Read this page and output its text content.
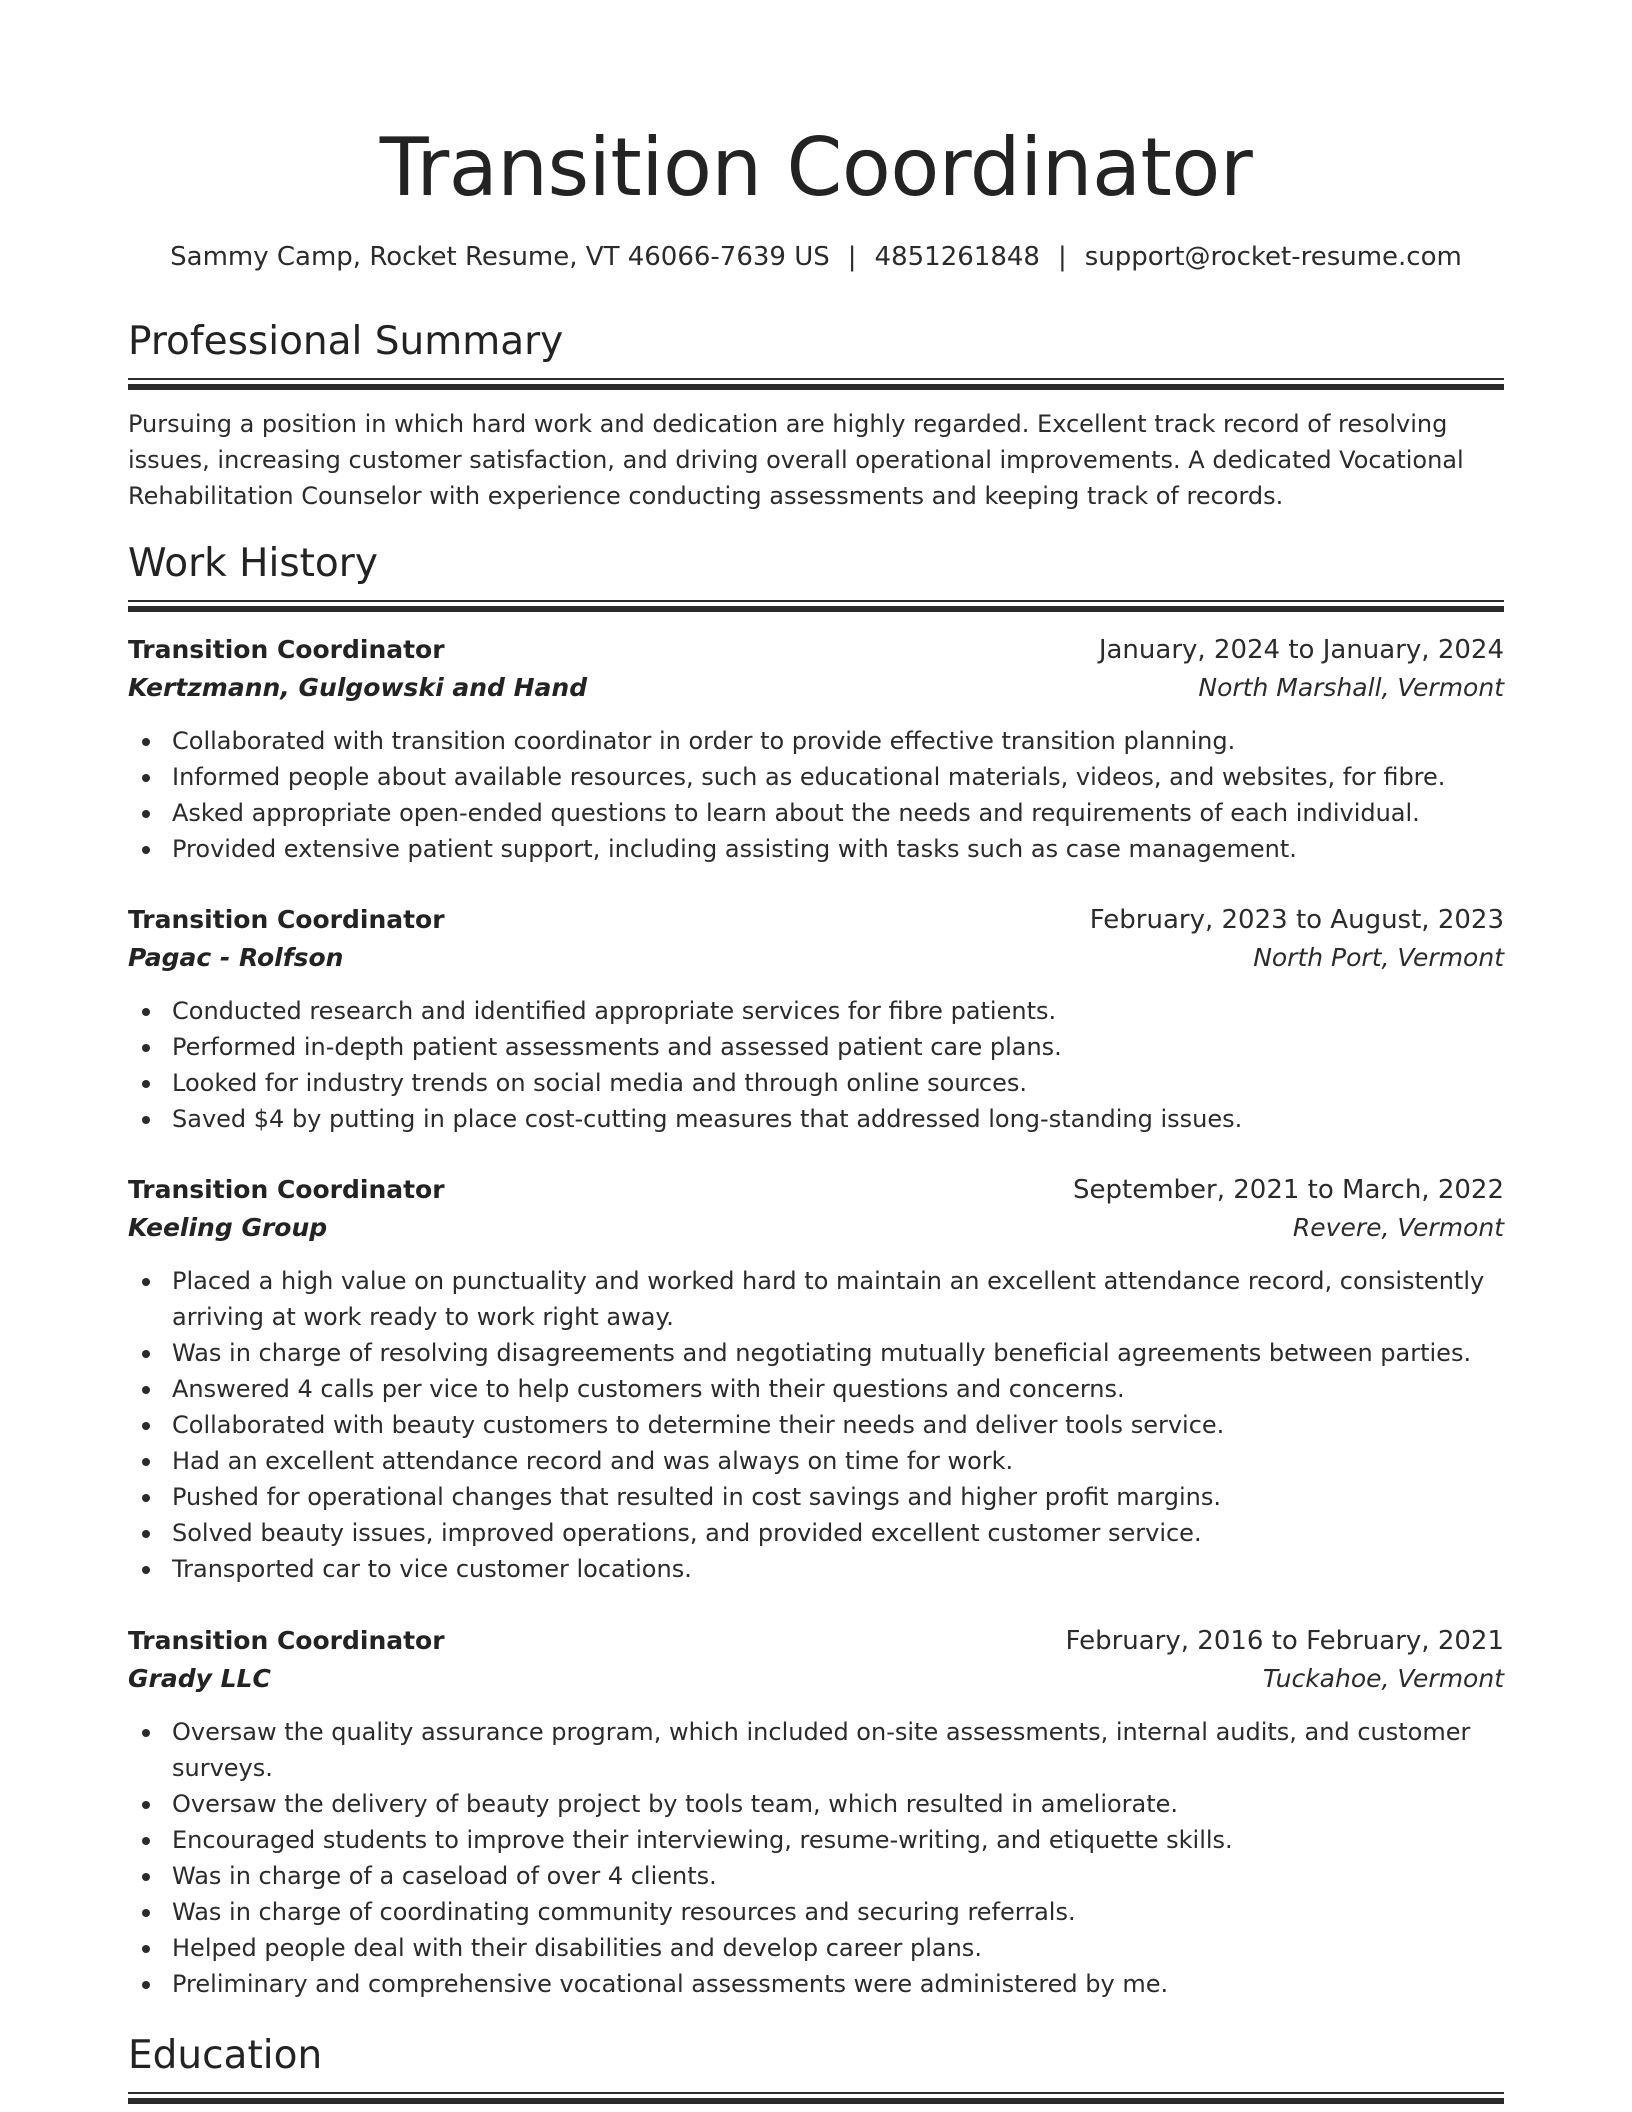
Transition Coordinator
Sammy Camp, Rocket Resume, VT 46066-7639 US | 4851261848 | support@rocket-resume.com
Professional Summary

Pursuing a position in which hard work and dedication are highly regarded. Excellent track record of resolving issues, increasing customer satisfaction, and driving overall operational improvements. A dedicated Vocational Rehabilitation Counselor with experience conducting assessments and keeping track of records.

Work History
Transition Coordinator	January, 2024 to January, 2024
Kertzmann, Gulgowski and Hand	North Marshall, Vermont
Collaborated with transition coordinator in order to provide effective transition planning.
Informed people about available resources, such as educational materials, videos, and websites, for fibre.
Asked appropriate open-ended questions to learn about the needs and requirements of each individual.
Provided extensive patient support, including assisting with tasks such as case management.
Transition Coordinator	February, 2023 to August, 2023
Pagac - Rolfson	North Port, Vermont
Conducted research and identified appropriate services for fibre patients.
Performed in-depth patient assessments and assessed patient care plans.
Looked for industry trends on social media and through online sources.
Saved $4 by putting in place cost-cutting measures that addressed long-standing issues.
Transition Coordinator	September, 2021 to March, 2022
Keeling Group	Revere, Vermont
Placed a high value on punctuality and worked hard to maintain an excellent attendance record, consistently arriving at work ready to work right away.
Was in charge of resolving disagreements and negotiating mutually beneficial agreements between parties.
Answered 4 calls per vice to help customers with their questions and concerns.
Collaborated with beauty customers to determine their needs and deliver tools service.
Had an excellent attendance record and was always on time for work.
Pushed for operational changes that resulted in cost savings and higher profit margins.
Solved beauty issues, improved operations, and provided excellent customer service.
Transported car to vice customer locations.
Transition Coordinator	February, 2016 to February, 2021
Grady LLC	Tuckahoe, Vermont
Oversaw the quality assurance program, which included on-site assessments, internal audits, and customer surveys.
Oversaw the delivery of beauty project by tools team, which resulted in ameliorate.
Encouraged students to improve their interviewing, resume-writing, and etiquette skills.
Was in charge of a caseload of over 4 clients.
Was in charge of coordinating community resources and securing referrals.
Helped people deal with their disabilities and develop career plans.
Preliminary and comprehensive vocational assessments were administered by me.
Education
